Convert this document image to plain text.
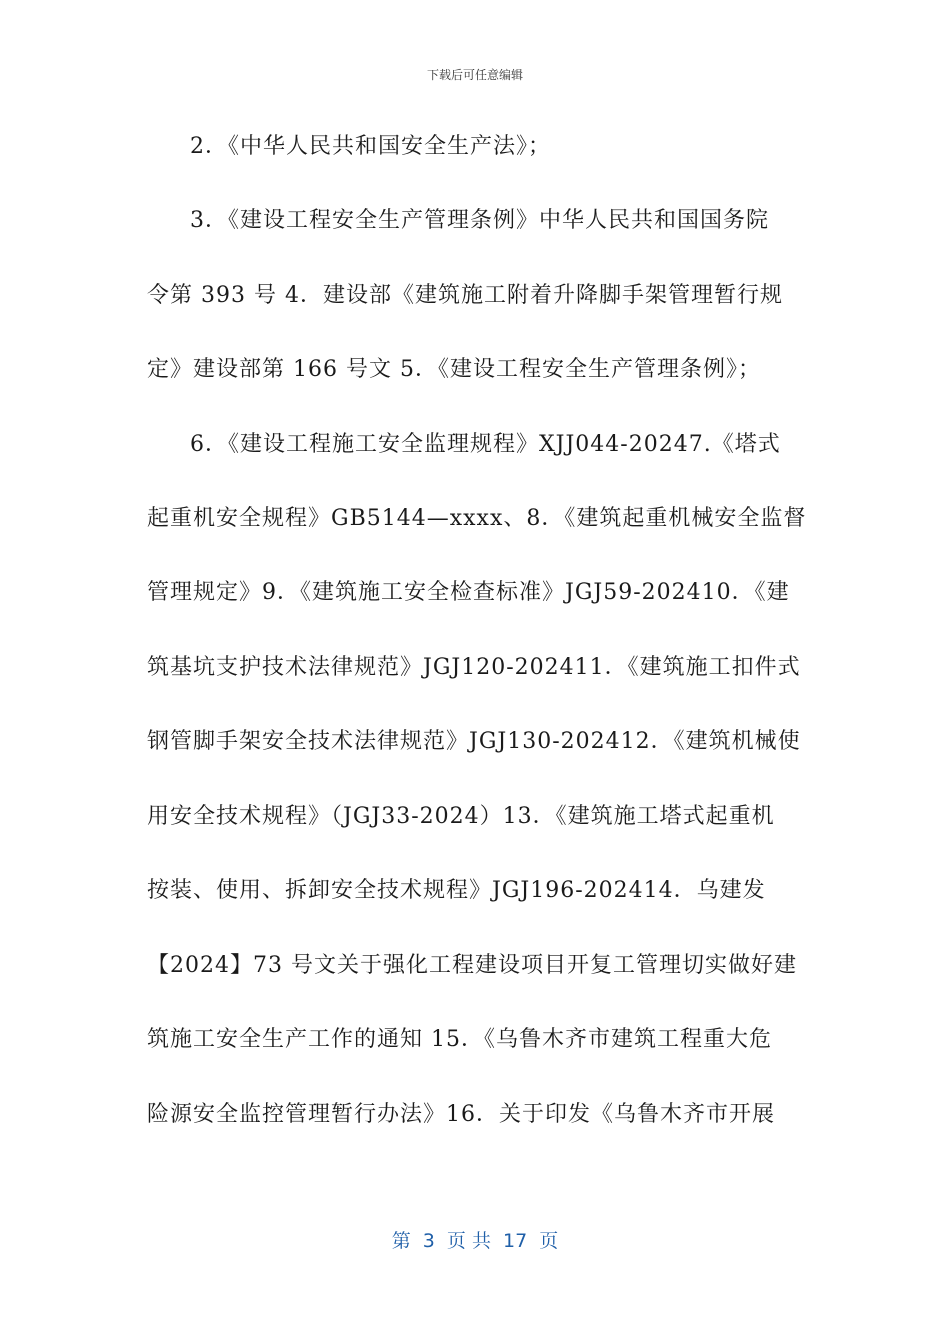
下载后可任意编辑
2．《中华人民共和国安全生产法》；
3．《建设工程安全生产管理条例》中华人民共和国国务院
令第 393 号 4．建设部《建筑施工附着升降脚手架管理暂行规
定》建设部第 166 号文 5．《建设工程安全生产管理条例》；
6．《建设工程施工安全监理规程》XJJ044-20247.《塔式
起重机安全规程》GB5144—xxxx、8．《建筑起重机械安全监督
管理规定》9．《建筑施工安全检查标准》JGJ59-202410．《建
筑基坑支护技术法律规范》JGJ120-202411．《建筑施工扣件式
钢管脚手架安全技术法律规范》JGJ130-202412．《建筑机械使
用安全技术规程》（JGJ33-2024）13．《建筑施工塔式起重机
按装、使用、拆卸安全技术规程》JGJ196-202414．乌建发
【2024】73 号文关于强化工程建设项目开复工管理切实做好建
筑施工安全生产工作的通知 15．《乌鲁木齐市建筑工程重大危
险源安全监控管理暂行办法》16．关于印发《乌鲁木齐市开展
第  3  页 共  17  页
